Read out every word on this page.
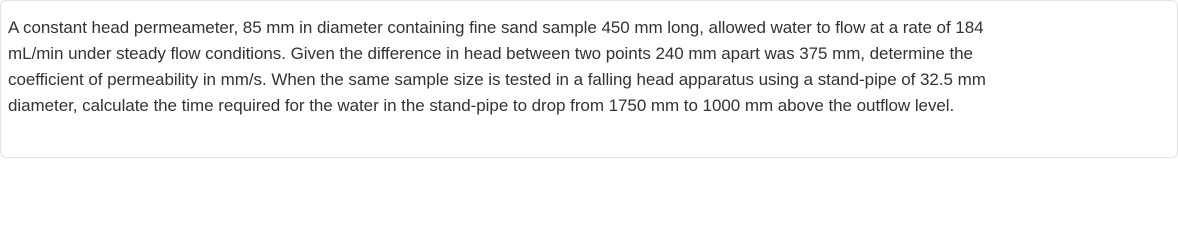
A constant head permeameter, 85 mm in diameter containing fine sand sample 450 mm long, allowed water to flow at a rate of 184
mL/min under steady flow conditions. Given the difference in head between two points 240 mm apart was 375 mm, determine the
coefficient of permeability in mm/s. When the same sample size is tested in a falling head apparatus using a stand-pipe of 32.5 mm
diameter, calculate the time required for the water in the stand-pipe to drop from 1750 mm to 1000 mm above the outflow level.
